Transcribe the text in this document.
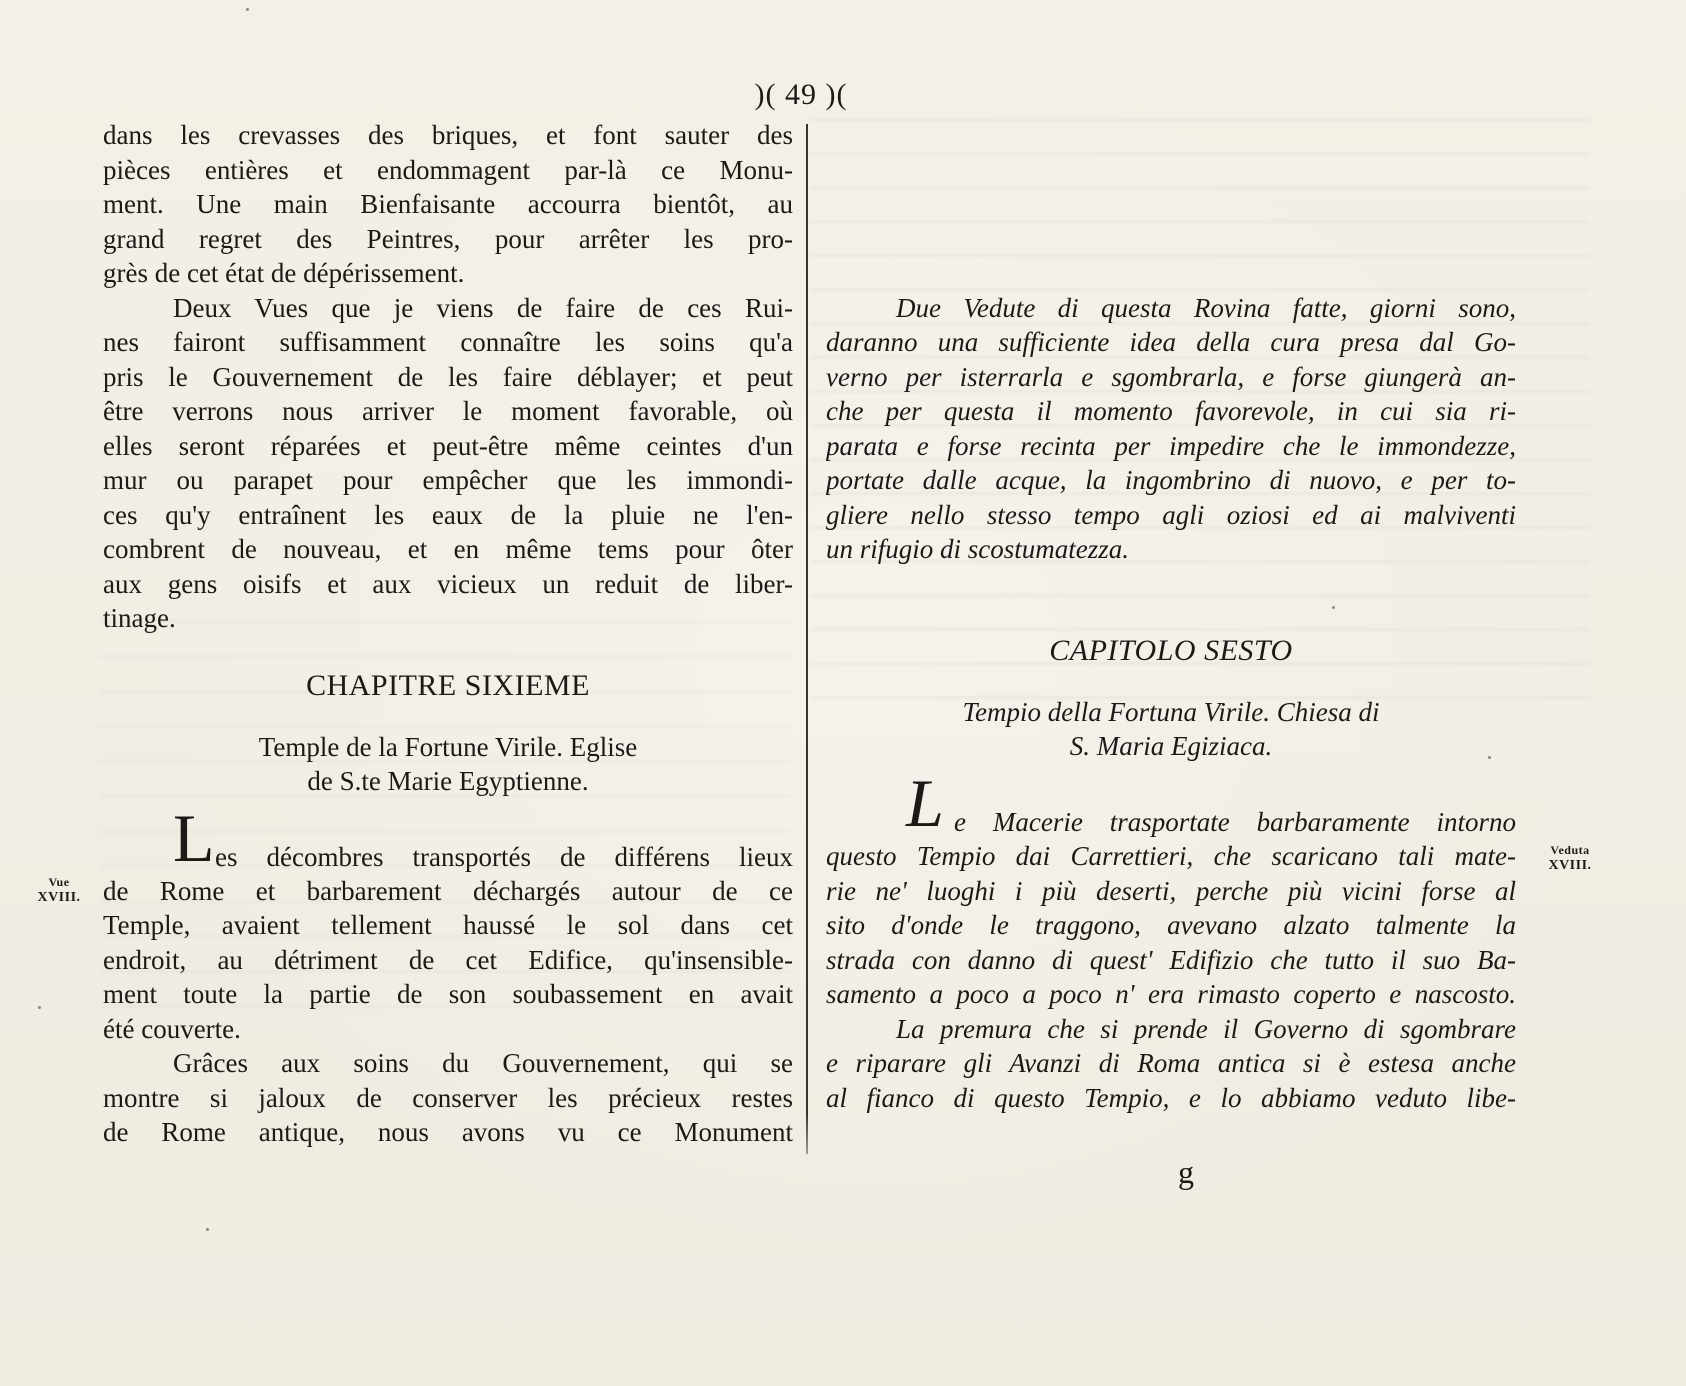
)( 49 )(
dans les crevasses des briques, et font sauter des
pièces entières et endommagent par-là ce Monu-
ment. Une main Bienfaisante accourra bientôt, au
grand regret des Peintres, pour arrêter les pro-
grès de cet état de dépérissement.
Deux Vues que je viens de faire de ces Rui-
nes fairont suffisamment connaître les soins qu'a
pris le Gouvernement de les faire déblayer; et peut
être verrons nous arriver le moment favorable, où
elles seront réparées et peut-être même ceintes d'un
mur ou parapet pour empêcher que les immondi-
ces qu'y entraînent les eaux de la pluie ne l'en-
combrent de nouveau, et en même tems pour ôter
aux gens oisifs et aux vicieux un reduit de liber-
tinage.
CHAPITRE SIXIEME
Temple de la Fortune Virile. Eglise
de S.te Marie Egyptienne.
L es décombres transportés de différens lieux
de Rome et barbarement déchargés autour de ce
Temple, avaient tellement haussé le sol dans cet
endroit, au détriment de cet Edifice, qu'insensible-
ment toute la partie de son soubassement en avait
été couverte.
Grâces aux soins du Gouvernement, qui se
montre si jaloux de conserver les précieux restes
de Rome antique, nous avons vu ce Monument
Due Vedute di questa Rovina fatte, giorni sono,
daranno una sufficiente idea della cura presa dal Go-
verno per isterrarla e sgombrarla, e forse giungerà an-
che per questa il momento favorevole, in cui sia ri-
parata e forse recinta per impedire che le immondezze,
portate dalle acque, la ingombrino di nuovo, e per to-
gliere nello stesso tempo agli oziosi ed ai malviventi
un rifugio di scostumatezza.
CAPITOLO SESTO
Tempio della Fortuna Virile. Chiesa di
S. Maria Egiziaca.
L e Macerie trasportate barbaramente intorno
questo Tempio dai Carrettieri, che scaricano tali mate-
rie ne' luoghi i più deserti, perche più vicini forse al
sito d'onde le traggono, avevano alzato talmente la
strada con danno di quest' Edifizio che tutto il suo Ba-
samento a poco a poco n' era rimasto coperto e nascosto.
La premura che si prende il Governo di sgombrare
e riparare gli Avanzi di Roma antica si è estesa anche
al fianco di questo Tempio, e lo abbiamo veduto libe-
Vue
XVIII.
Veduta
XVIII.
g
